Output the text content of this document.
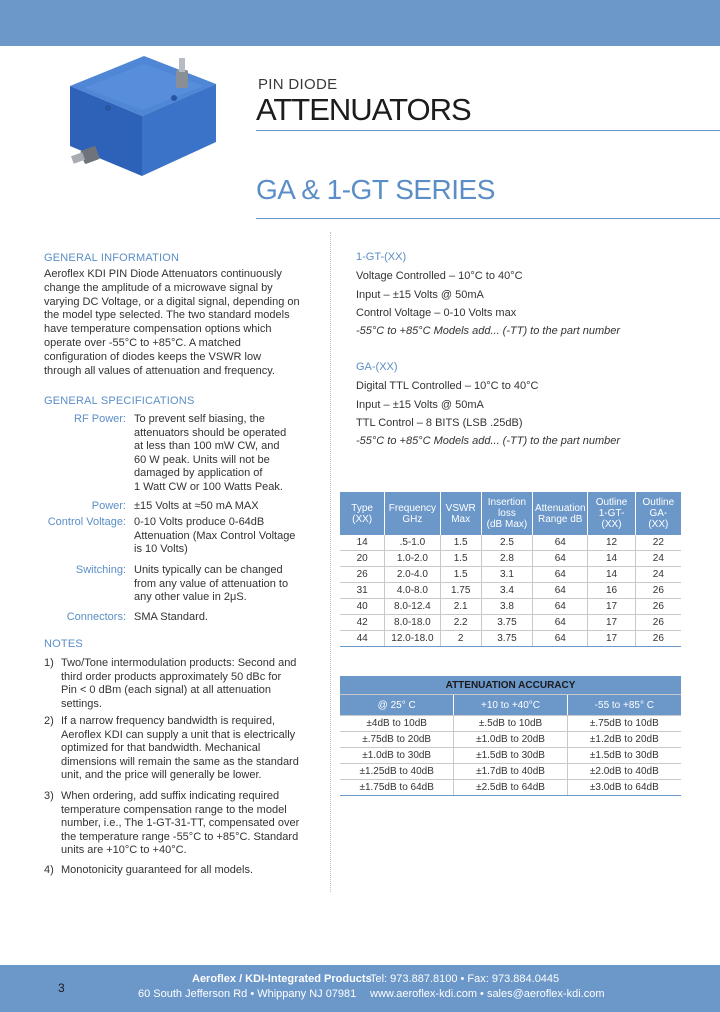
PIN DIODE
ATTENUATORS
GA & 1-GT SERIES
GENERAL INFORMATION
Aeroflex KDI PIN Diode Attenuators continuously
change the amplitude of a microwave signal by
varying DC Voltage, or a digital signal, depending on
the model type selected. The two standard models
have temperature compensation options which
operate over -55°C to +85°C. A matched
configuration of diodes keeps the VSWR low
through all values of attenuation and frequency.
GENERAL SPECIFICATIONS
RF Power: To prevent self biasing, the
attenuators should be operated
at less than 100 mW CW, and
60 W peak. Units will not be
damaged by application of
1 Watt CW or 100 Watts Peak.
Power: ±15 Volts at ≈50 mA MAX
Control Voltage: 0-10 Volts produce 0-64dB
Attenuation (Max Control Voltage
is 10 Volts)
Switching: Units typically can be changed
from any value of attenuation to
any other value in 2μS.
Connectors: SMA Standard.
NOTES
1) Two/Tone intermodulation products: Second and
third order products approximately 50 dBc for
Pin < 0 dBm (each signal) at all attenuation
settings.
2) If a narrow frequency bandwidth is required,
Aeroflex KDI can supply a unit that is electrically
optimized for that bandwidth. Mechanical
dimensions will remain the same as the standard
unit, and the price will generally be lower.
3) When ordering, add suffix indicating required
temperature compensation range to the model
number, i.e., The 1-GT-31-TT, compensated over
the temperature range -55°C to +85°C. Standard
units are +10°C to +40°C.
4) Monotonicity guaranteed for all models.
1-GT-(XX)
Voltage Controlled – 10°C to 40°C
Input – ±15 Volts @ 50mA
Control Voltage – 0-10 Volts max
-55°C to +85°C Models add... (-TT) to the part number
GA-(XX)
Digital TTL Controlled – 10°C to 40°C
Input – ±15 Volts @ 50mA
TTL Control – 8 BITS (LSB .25dB)
-55°C to +85°C Models add... (-TT) to the part number
Type
(XX)	Frequency
GHz	VSWR
Max	Insertion
loss
(dB Max)	Attenuation
Range dB	Outline
1-GT-
(XX)	Outline
GA-
(XX)
14	.5-1.0	1.5	2.5	64	12	22
20	1.0-2.0	1.5	2.8	64	14	24
26	2.0-4.0	1.5	3.1	64	14	24
31	4.0-8.0	1.75	3.4	64	16	26
40	8.0-12.4	2.1	3.8	64	17	26
42	8.0-18.0	2.2	3.75	64	17	26
44	12.0-18.0	2	3.75	64	17	26
ATTENUATION ACCURACY		
@ 25° C	+10 to +40°C	-55 to +85° C
±4dB to 10dB	±.5dB to 10dB	±.75dB to 10dB
±.75dB to 20dB	±1.0dB to 20dB	±1.2dB to 20dB
±1.0dB to 30dB	±1.5dB to 30dB	±1.5dB to 30dB
±1.25dB to 40dB	±1.7dB to 40dB	±2.0dB to 40dB
±1.75dB to 64dB	±2.5dB to 64dB	±3.0dB to 64dB
3
Aeroflex / KDI-Integrated Products
60 South Jefferson Rd • Whippany NJ 07981
Tel: 973.887.8100 • Fax: 973.884.0445
www.aeroflex-kdi.com • sales@aeroflex-kdi.com
